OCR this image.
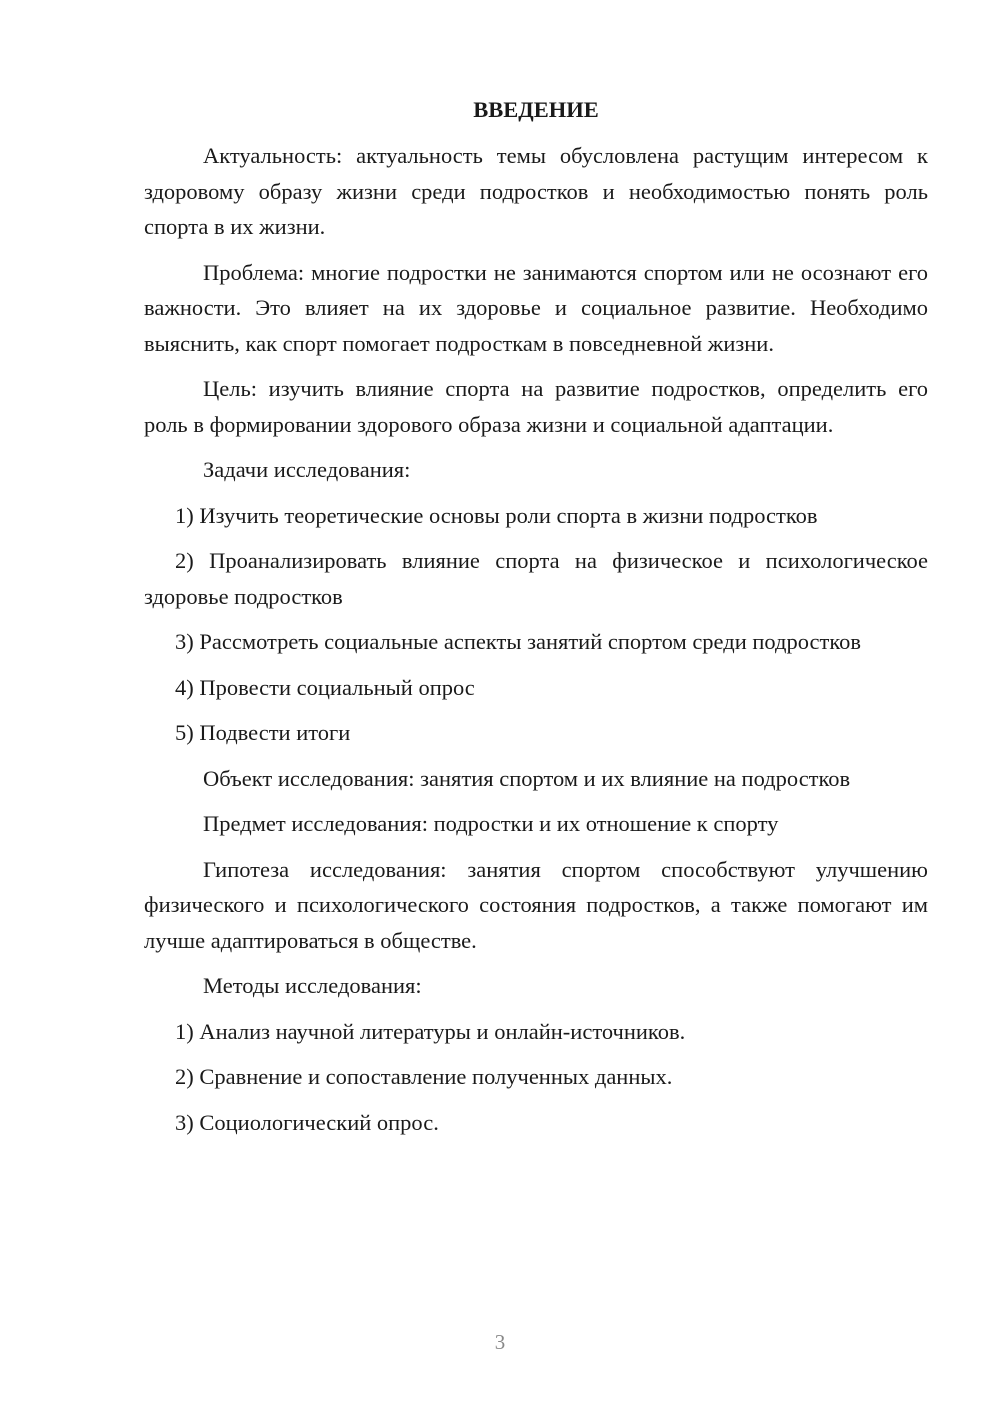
ВВЕДЕНИЕ
Актуальность: актуальность темы обусловлена растущим интересом к здоровому образу жизни среди подростков и необходимостью понять роль спорта в их жизни.
Проблема: многие подростки не занимаются спортом или не осознают его важности. Это влияет на их здоровье и социальное развитие. Необходимо выяснить, как спорт помогает подросткам в повседневной жизни.
Цель: изучить влияние спорта на развитие подростков, определить его роль в формировании здорового образа жизни и социальной адаптации.
Задачи исследования:
1) Изучить теоретические основы роли спорта в жизни подростков
2) Проанализировать влияние спорта на физическое и психологическое здоровье подростков
3) Рассмотреть социальные аспекты занятий спортом среди подростков
4) Провести социальный опрос
5) Подвести итоги
Объект исследования: занятия спортом и их влияние на подростков
Предмет исследования: подростки и их отношение к спорту
Гипотеза исследования: занятия спортом способствуют улучшению физического и психологического состояния подростков, а также помогают им лучше адаптироваться в обществе.
Методы исследования:
1) Анализ научной литературы и онлайн-источников.
2) Сравнение и сопоставление полученных данных.
3) Социологический опрос.
3
